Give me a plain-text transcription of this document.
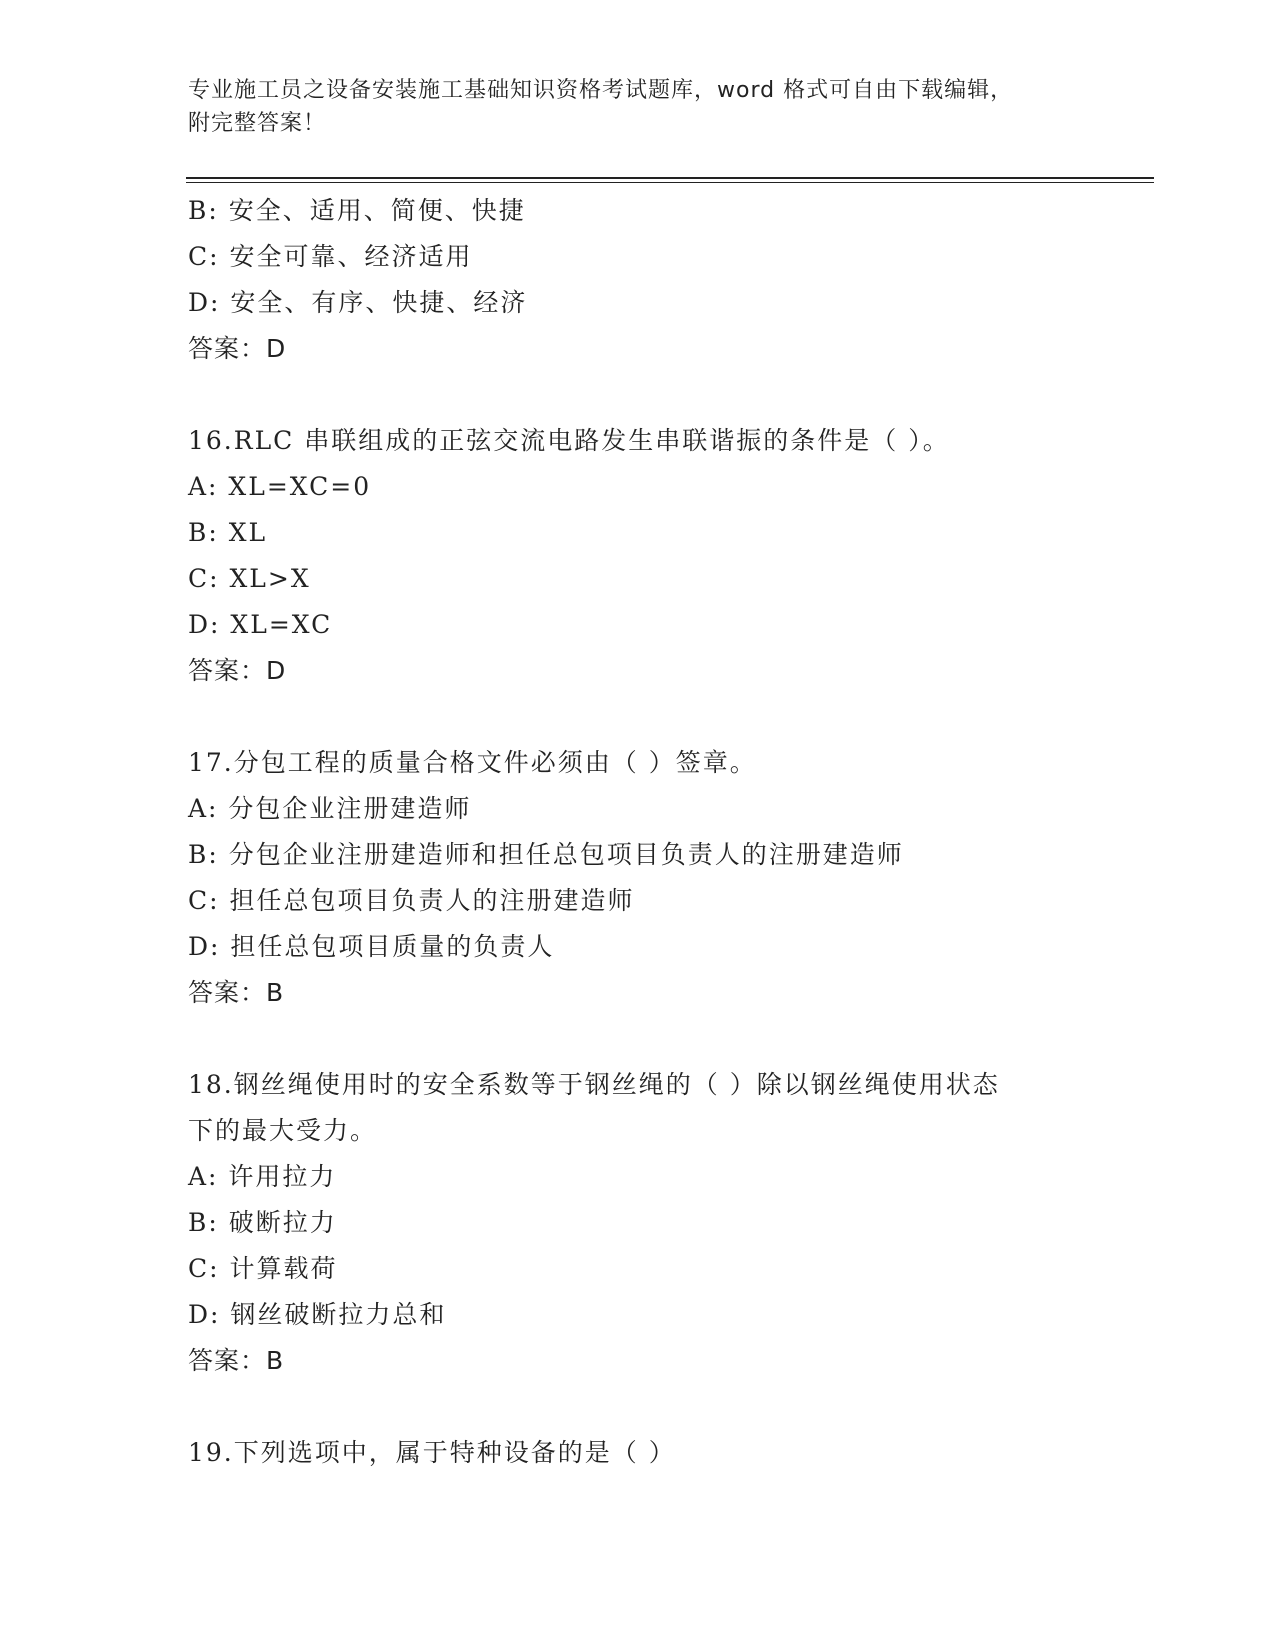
专业施工员之设备安装施工基础知识资格考试题库，word 格式可自由下载编辑，
附完整答案！
B: 安全、适用、简便、快捷
C: 安全可靠、经济适用
D: 安全、有序、快捷、经济
答案：D
16.RLC 串联组成的正弦交流电路发生串联谐振的条件是（ ）。
A: XL=XC=0
B: XL
C: XL>X
D: XL=XC
答案：D
17.分包工程的质量合格文件必须由（ ）签章。
A: 分包企业注册建造师
B: 分包企业注册建造师和担任总包项目负责人的注册建造师
C: 担任总包项目负责人的注册建造师
D: 担任总包项目质量的负责人
答案：B
18.钢丝绳使用时的安全系数等于钢丝绳的（ ）除以钢丝绳使用状态
下的最大受力。
A: 许用拉力
B: 破断拉力
C: 计算载荷
D: 钢丝破断拉力总和
答案：B
19.下列选项中，属于特种设备的是（ ）
